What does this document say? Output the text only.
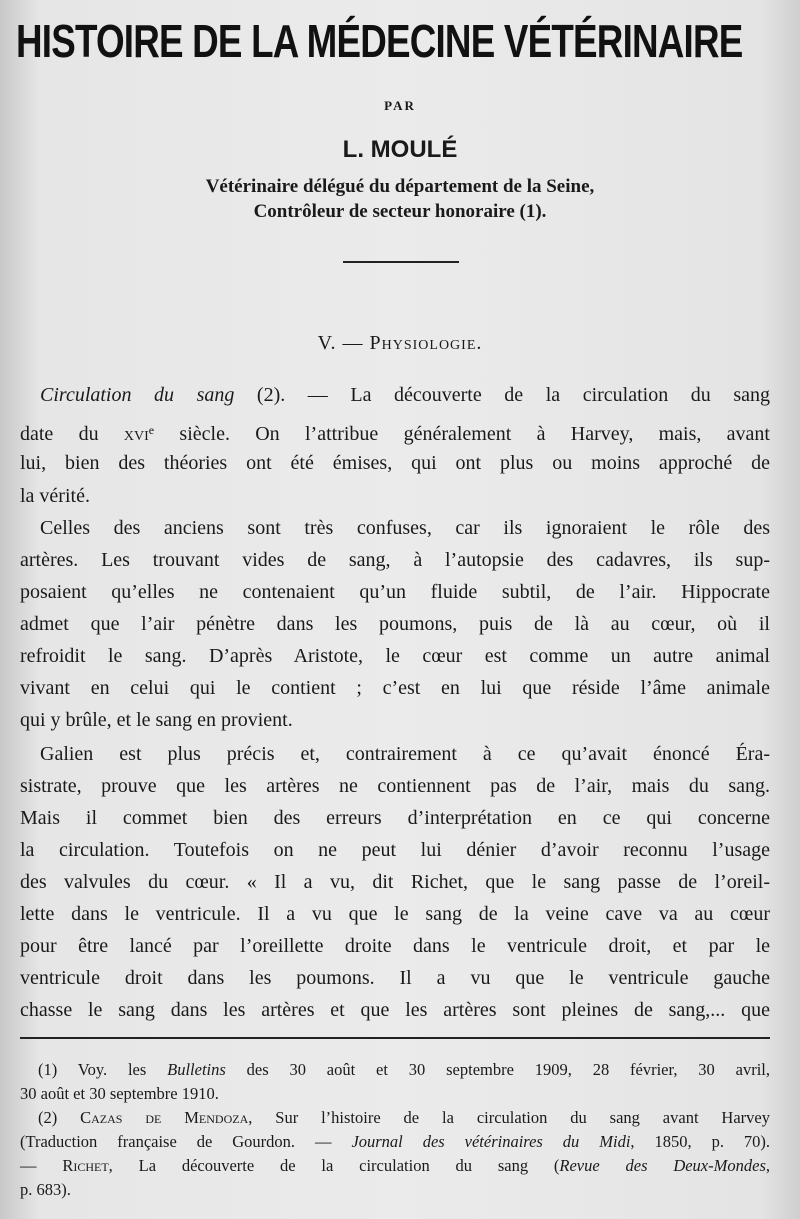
HISTOIRE DE LA MÉDECINE VÉTÉRINAIRE
PAR
L. MOULÉ
Vétérinaire délégué du département de la Seine,
Contrôleur de secteur honoraire (1).
V. — Physiologie.
Circulation du sang (2). — La découverte de la circulation du sang
date du xvi$^e$ siècle. On l’attribue généralement à Harvey, mais, avant
lui, bien des théories ont été émises, qui ont plus ou moins approché de
la vérité.
Celles des anciens sont très confuses, car ils ignoraient le rôle des
artères. Les trouvant vides de sang, à l’autopsie des cadavres, ils sup-
posaient qu’elles ne contenaient qu’un fluide subtil, de l’air. Hippocrate
admet que l’air pénètre dans les poumons, puis de là au cœur, où il
refroidit le sang. D’après Aristote, le cœur est comme un autre animal
vivant en celui qui le contient ; c’est en lui que réside l’âme animale
qui y brûle, et le sang en provient.
Galien est plus précis et, contrairement à ce qu’avait énoncé Éra-
sistrate, prouve que les artères ne contiennent pas de l’air, mais du sang.
Mais il commet bien des erreurs d’interprétation en ce qui concerne
la circulation. Toutefois on ne peut lui dénier d’avoir reconnu l’usage
des valvules du cœur. « Il a vu, dit Richet, que le sang passe de l’oreil-
lette dans le ventricule. Il a vu que le sang de la veine cave va au cœur
pour être lancé par l’oreillette droite dans le ventricule droit, et par le
ventricule droit dans les poumons. Il a vu que le ventricule gauche
chasse le sang dans les artères et que les artères sont pleines de sang,... que
(1) Voy. les Bulletins des 30 août et 30 septembre 1909, 28 février, 30 avril,
30 août et 30 septembre 1910.
(2) Cazas de Mendoza, Sur l’histoire de la circulation du sang avant Harvey
(Traduction française de Gourdon. — Journal des vétérinaires du Midi, 1850, p. 70).
— Richet, La découverte de la circulation du sang (Revue des Deux-Mondes,
p. 683).
